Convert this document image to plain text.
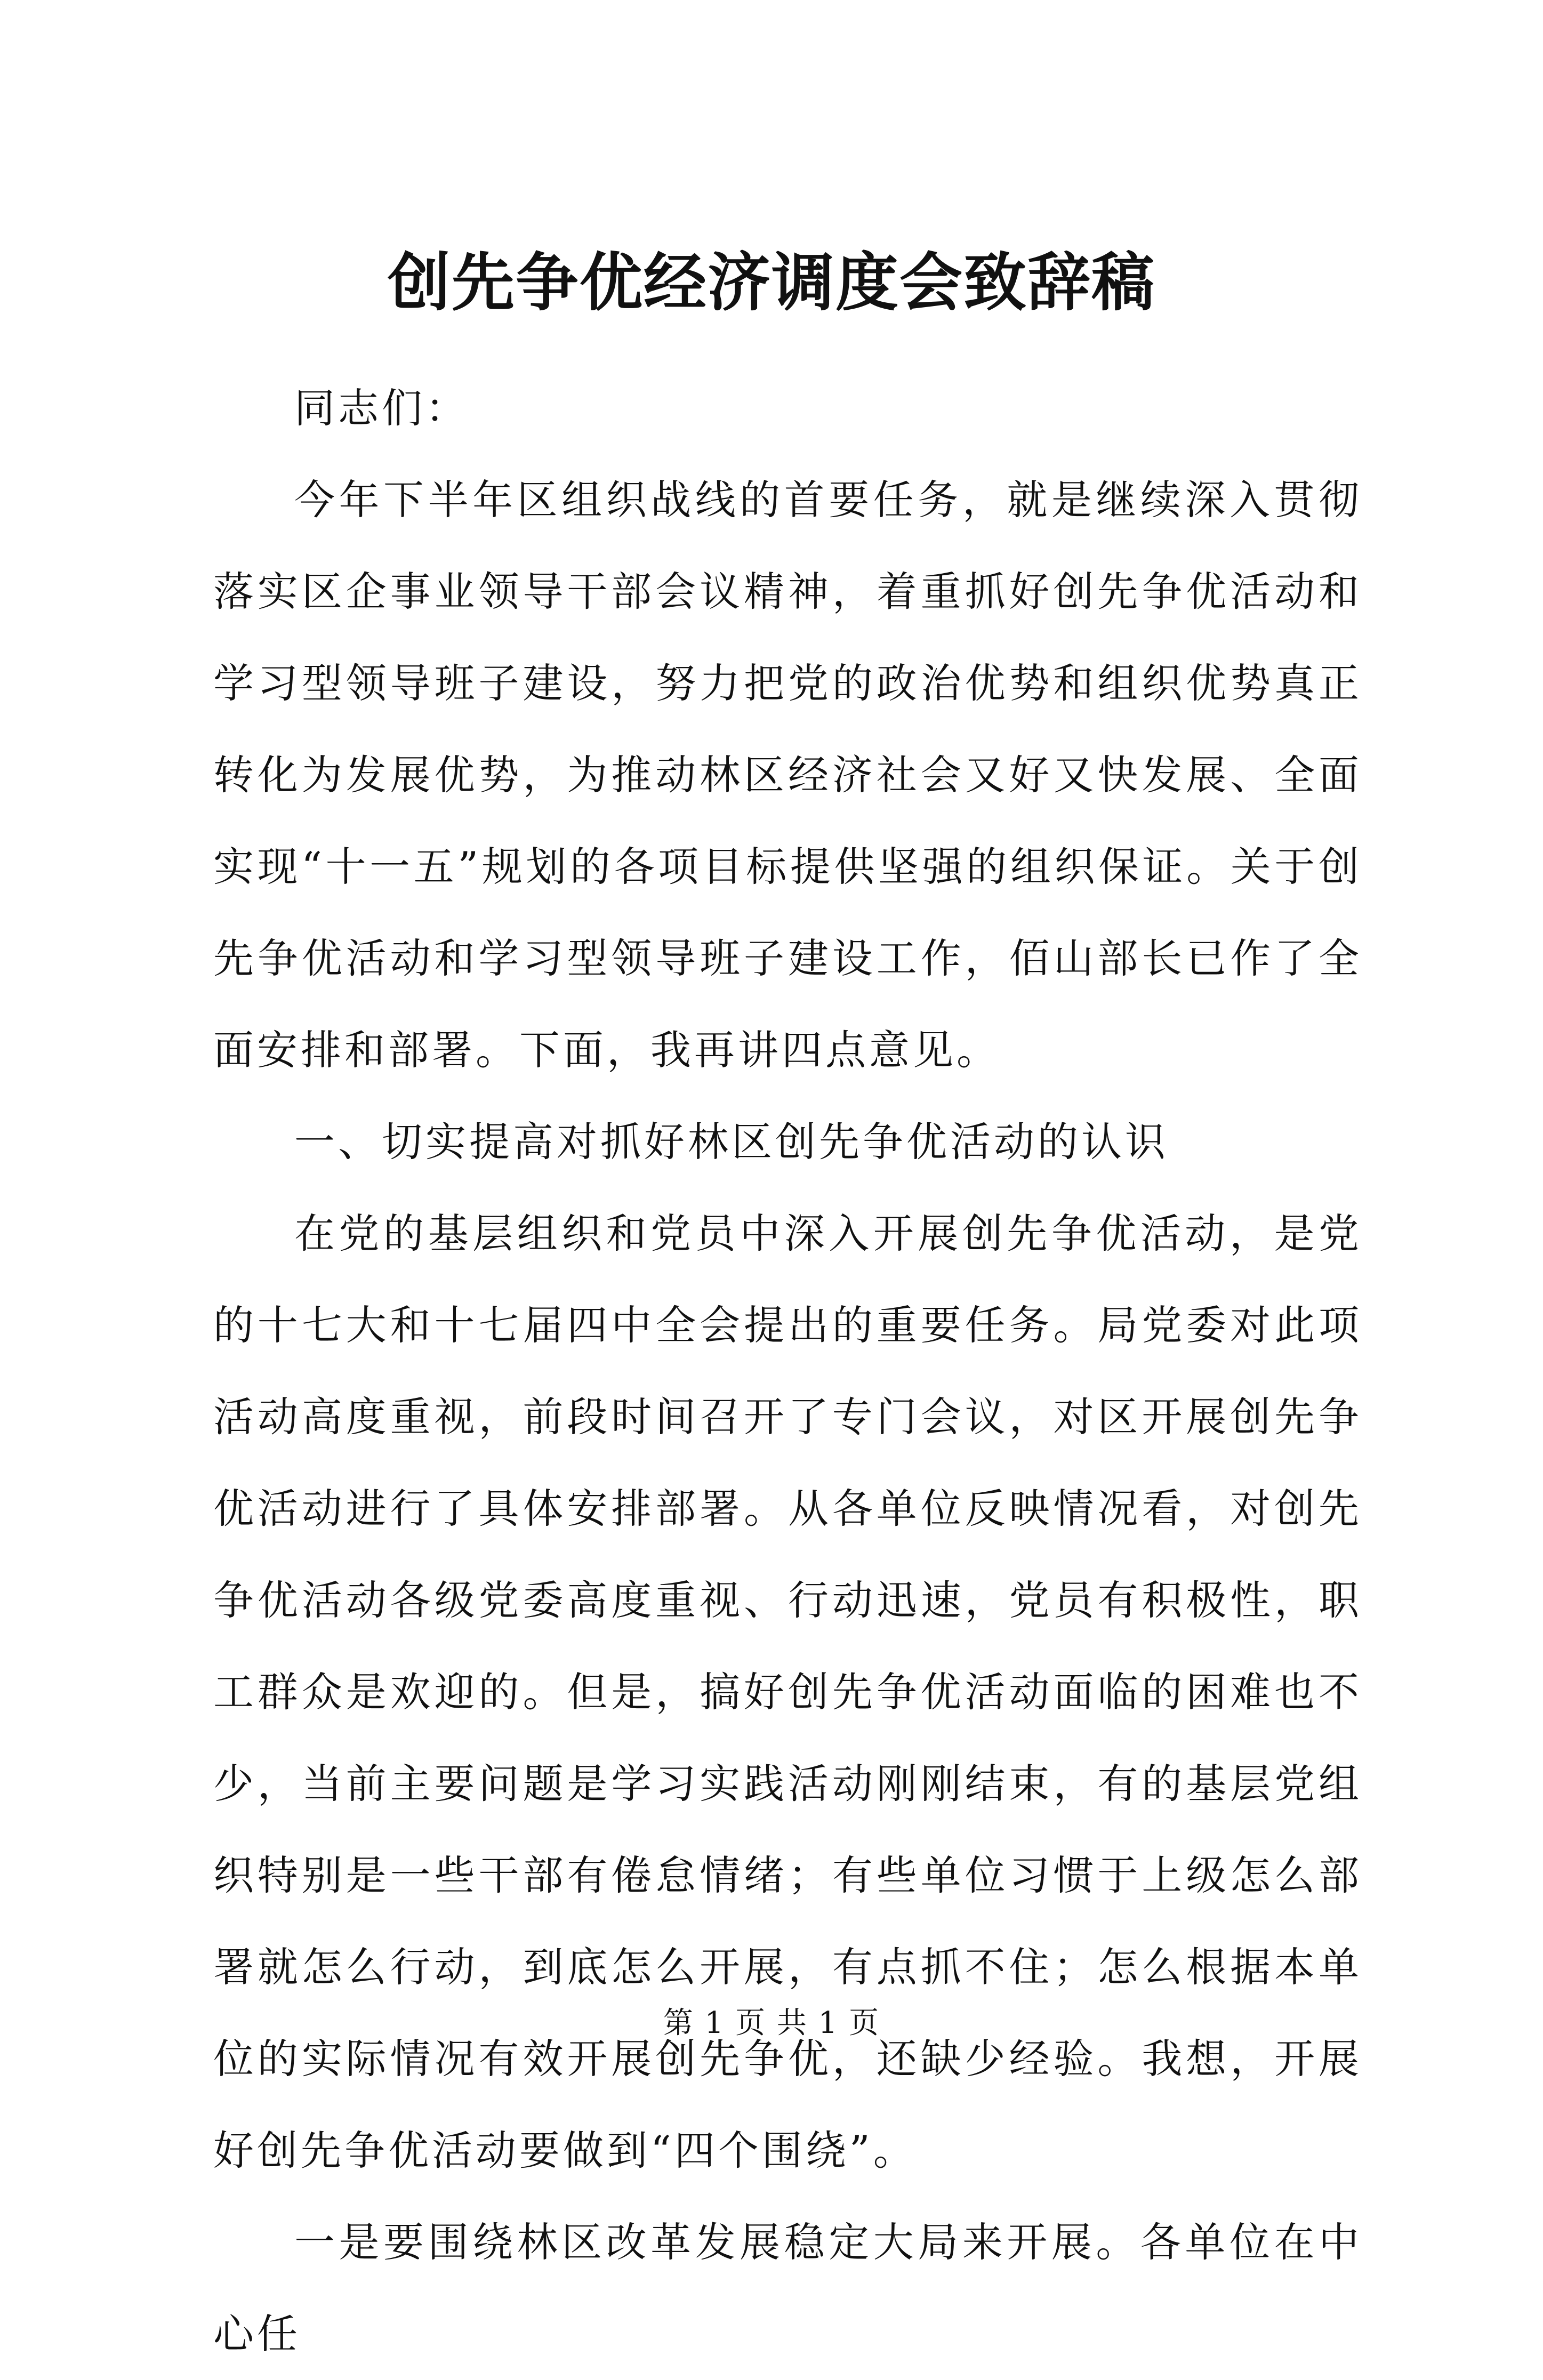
创先争优经济调度会致辞稿

同志们：

今年下半年区组织战线的首要任务，就是继续深入贯彻落实区企事业领导干部会议精神，着重抓好创先争优活动和学习型领导班子建设，努力把党的政治优势和组织优势真正转化为发展优势，为推动林区经济社会又好又快发展、全面实现“十一五”规划的各项目标提供坚强的组织保证。关于创先争优活动和学习型领导班子建设工作，佰山部长已作了全面安排和部署。下面，我再讲四点意见。

一、切实提高对抓好林区创先争优活动的认识

在党的基层组织和党员中深入开展创先争优活动，是党的十七大和十七届四中全会提出的重要任务。局党委对此项活动高度重视，前段时间召开了专门会议，对区开展创先争优活动进行了具体安排部署。从各单位反映情况看，对创先争优活动各级党委高度重视、行动迅速，党员有积极性，职工群众是欢迎的。但是，搞好创先争优活动面临的困难也不少，当前主要问题是学习实践活动刚刚结束，有的基层党组织特别是一些干部有倦怠情绪；有些单位习惯于上级怎么部署就怎么行动，到底怎么开展，有点抓不住；怎么根据本单位的实际情况有效开展创先争优，还缺少经验。我想，开展好创先争优活动要做到“四个围绕”。

一是要围绕林区改革发展稳定大局来开展。各单位在中心任

第 1 页 共 1 页
